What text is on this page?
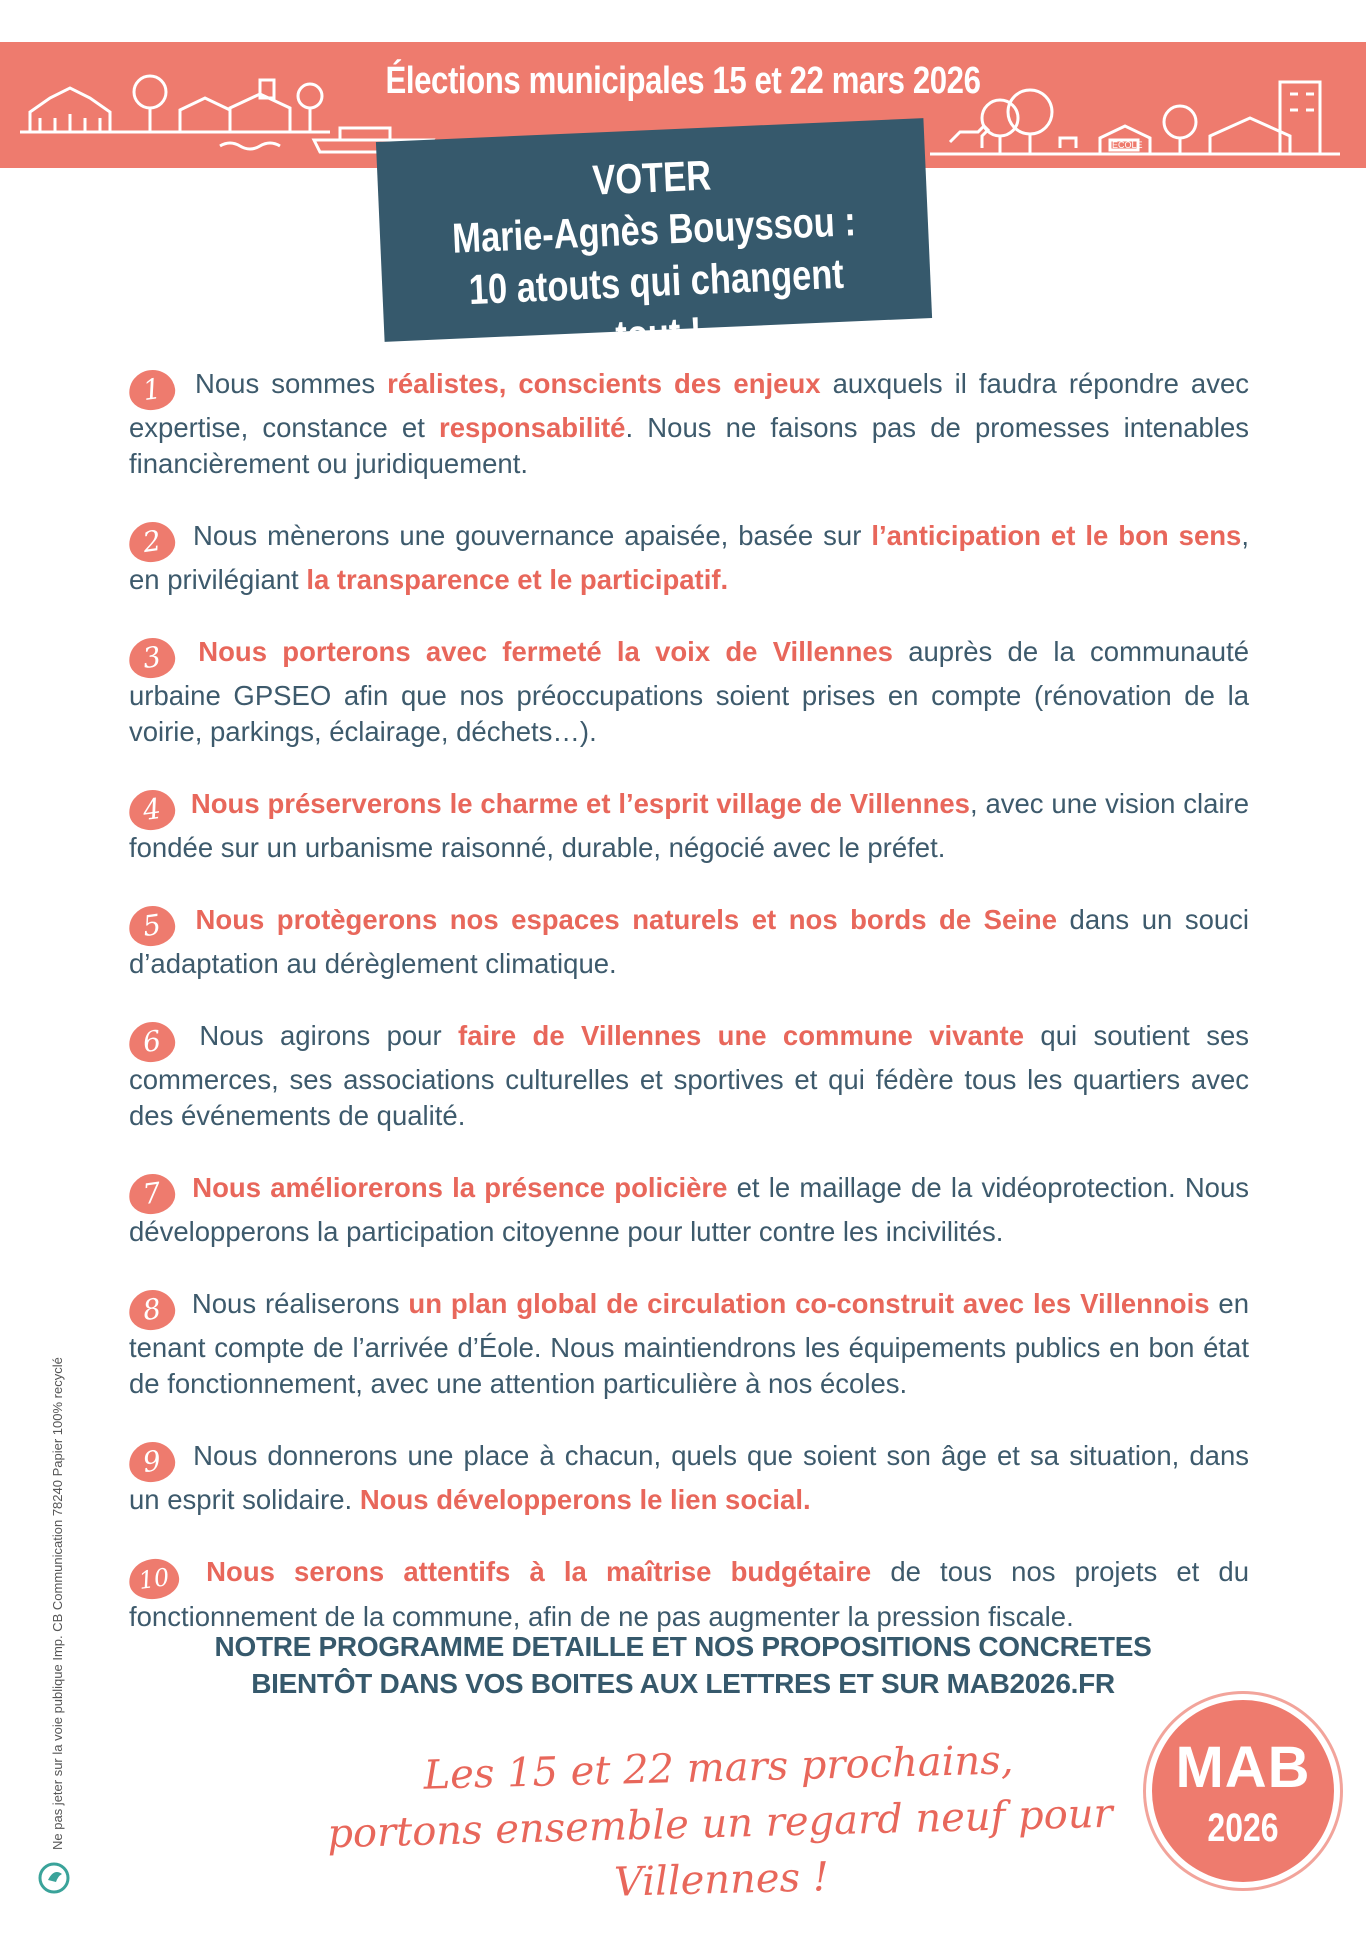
ÉCOLE
Élections municipales 15 et 22 mars 2026
VOTER
Marie-Agnès Bouyssou :
10 atouts qui changent tout !

1 Nous sommes réalistes, conscients des enjeux auxquels il faudra répondre avec expertise, constance et responsabilité. Nous ne faisons pas de promesses intenables financièrement ou juridiquement.

2 Nous mènerons une gouvernance apaisée, basée sur l’anticipation et le bon sens, en privilégiant la transparence et le participatif.

3 Nous porterons avec fermeté la voix de Villennes auprès de la communauté urbaine GPSEO afin que nos préoccupations soient prises en compte (rénovation de la voirie, parkings, éclairage, déchets…).

4 Nous préserverons le charme et l’esprit village de Villennes, avec une vision claire fondée sur un urbanisme raisonné, durable, négocié avec le préfet.

5 Nous protègerons nos espaces naturels et nos bords de Seine dans un souci d’adaptation au dérèglement climatique.

6 Nous agirons pour faire de Villennes une commune vivante qui soutient ses commerces, ses associations culturelles et sportives et qui fédère tous les quartiers avec des événements de qualité.

7 Nous améliorerons la présence policière et le maillage de la vidéoprotection. Nous développerons la participation citoyenne pour lutter contre les incivilités.

8 Nous réaliserons un plan global de circulation co-construit avec les Villennois en tenant compte de l’arrivée d’Éole. Nous maintiendrons les équipements publics en bon état de fonctionnement, avec une attention particulière à nos écoles.

9 Nous donnerons une place à chacun, quels que soient son âge et sa situation, dans un esprit solidaire. Nous développerons le lien social.

10 Nous serons attentifs à la maîtrise budgétaire de tous nos projets et du fonctionnement de la commune, afin de ne pas augmenter la pression fiscale.

NOTRE PROGRAMME DETAILLE ET NOS PROPOSITIONS CONCRETES
BIENTÔT DANS VOS BOITES AUX LETTRES ET SUR MAB2026.FR
Les 15 et 22 mars prochains,
portons ensemble un regard neuf pour Villennes !
MAB
2026
Ne pas jeter sur la voie publique Imp. CB Communication 78240 Papier 100% recyclé
